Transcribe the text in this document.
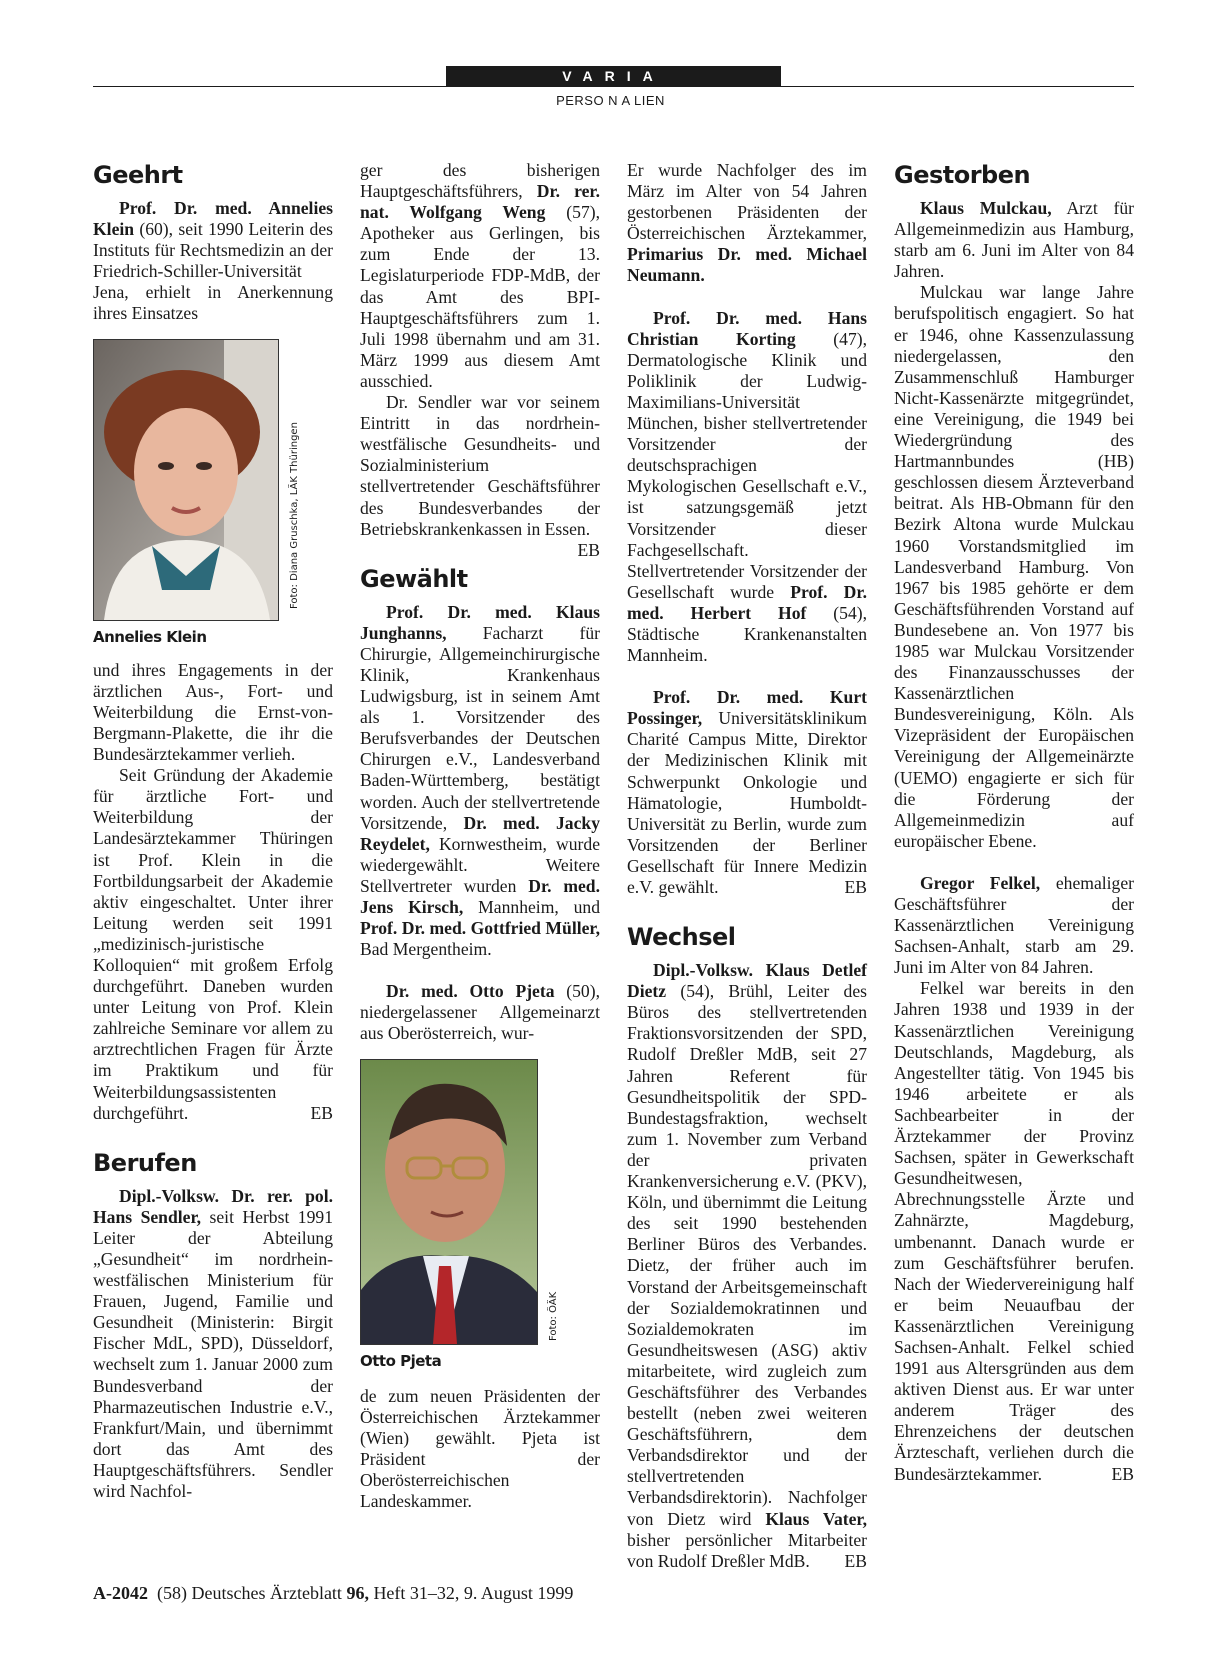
VARIA
PERSO N A LIEN
Geehrt

Prof. Dr. med. Annelies Klein (60), seit 1990 Leiterin des Instituts für Rechtsmedizin an der Friedrich-Schiller-Universität Jena, erhielt in Anerkennung ihres Einsatzes

Foto: Diana Gruschka, LÄK Thüringen
Annelies Klein

und ihres Engagements in der ärztlichen Aus-, Fort- und Weiterbildung die Ernst-von-Bergmann-Plakette, die ihr die Bundesärztekammer verlieh.

Seit Gründung der Akademie für ärztliche Fort- und Weiterbildung der Landesärztekammer Thüringen ist Prof. Klein in die Fortbildungsarbeit der Akademie aktiv eingeschaltet. Unter ihrer Leitung werden seit 1991 „medizinisch-juristische Kolloquien“ mit großem Erfolg durchgeführt. Daneben wurden unter Leitung von Prof. Klein zahlreiche Seminare vor allem zu arztrechtlichen Fragen für Ärzte im Praktikum und für Weiterbildungsassistenten durchgeführt.	EB

Berufen

Dipl.-Volksw. Dr. rer. pol. Hans Sendler, seit Herbst 1991 Leiter der Abteilung „Gesundheit“ im nordrhein-westfälischen Ministerium für Frauen, Jugend, Familie und Gesundheit (Ministerin: Birgit Fischer MdL, SPD), Düsseldorf, wechselt zum 1. Januar 2000 zum Bundesverband der Pharmazeutischen Industrie e.V., Frankfurt/Main, und übernimmt dort das Amt des Hauptgeschäftsführers. Sendler wird Nachfol-

ger des bisherigen Hauptgeschäftsführers, Dr. rer. nat. Wolfgang Weng (57), Apotheker aus Gerlingen, bis zum Ende der 13. Legislaturperiode FDP-MdB, der das Amt des BPI-Hauptgeschäftsführers zum 1. Juli 1998 übernahm und am 31. März 1999 aus diesem Amt ausschied.

Dr. Sendler war vor seinem Eintritt in das nordrhein-westfälische Gesundheits- und Sozialministerium stellvertretender Geschäftsführer des Bundesverbandes der Betriebskrankenkassen in Essen.
EB

Gewählt

Prof. Dr. med. Klaus Junghanns, Facharzt für Chirurgie, Allgemeinchirurgische Klinik, Krankenhaus Ludwigsburg, ist in seinem Amt als 1. Vorsitzender des Berufsverbandes der Deutschen Chirurgen e.V., Landesverband Baden-Württemberg, bestätigt worden. Auch der stellvertretende Vorsitzende, Dr. med. Jacky Reydelet, Kornwestheim, wurde wiedergewählt. Weitere Stellvertreter wurden Dr. med. Jens Kirsch, Mannheim, und Prof. Dr. med. Gottfried Müller, Bad Mergentheim.

Dr. med. Otto Pjeta (50), niedergelassener Allgemeinarzt aus Oberösterreich, wur-

Foto: ÖÄK
Otto Pjeta

de zum neuen Präsidenten der Österreichischen Ärztekammer (Wien) gewählt. Pjeta ist Präsident der Oberösterreichischen Landeskammer.

Er wurde Nachfolger des im März im Alter von 54 Jahren gestorbenen Präsidenten der Österreichischen Ärztekammer, Primarius Dr. med. Michael Neumann.

Prof. Dr. med. Hans Christian Korting (47), Dermatologische Klinik und Poliklinik der Ludwig-Maximilians-Universität München, bisher stellvertretender Vorsitzender der deutschsprachigen Mykologischen Gesellschaft e.V., ist satzungsgemäß jetzt Vorsitzender dieser Fachgesellschaft. Stellvertretender Vorsitzender der Gesellschaft wurde Prof. Dr. med. Herbert Hof (54), Städtische Krankenanstalten Mannheim.

Prof. Dr. med. Kurt Possinger, Universitätsklinikum Charité Campus Mitte, Direktor der Medizinischen Klinik mit Schwerpunkt Onkologie und Hämatologie, Humboldt-Universität zu Berlin, wurde zum Vorsitzenden der Berliner Gesellschaft für Innere Medizin e.V. gewählt.	EB

Wechsel

Dipl.-Volksw. Klaus Detlef Dietz (54), Brühl, Leiter des Büros des stellvertretenden Fraktionsvorsitzenden der SPD, Rudolf Dreßler MdB, seit 27 Jahren Referent für Gesundheitspolitik der SPD-Bundestagsfraktion, wechselt zum 1. November zum Verband der privaten Krankenversicherung e.V. (PKV), Köln, und übernimmt die Leitung des seit 1990 bestehenden Berliner Büros des Verbandes. Dietz, der früher auch im Vorstand der Arbeitsgemeinschaft der Sozialdemokratinnen und Sozialdemokraten im Gesundheitswesen (ASG) aktiv mitarbeitete, wird zugleich zum Geschäftsführer des Verbandes bestellt (neben zwei weiteren Geschäftsführern, dem Verbandsdirektor und der stellvertretenden Verbandsdirektorin). Nachfolger von Dietz wird Klaus Vater, bisher persönlicher Mitarbeiter von Rudolf Dreßler MdB. EB

Gestorben

Klaus Mulckau, Arzt für Allgemeinmedizin aus Hamburg, starb am 6. Juni im Alter von 84 Jahren.

Mulckau war lange Jahre berufspolitisch engagiert. So hat er 1946, ohne Kassenzulassung niedergelassen, den Zusammenschluß Hamburger Nicht-Kassenärzte mitgegründet, eine Vereinigung, die 1949 bei Wiedergründung des Hartmannbundes (HB) geschlossen diesem Ärzteverband beitrat. Als HB-Obmann für den Bezirk Altona wurde Mulckau 1960 Vorstandsmitglied im Landesverband Hamburg. Von 1967 bis 1985 gehörte er dem Geschäftsführenden Vorstand auf Bundesebene an. Von 1977 bis 1985 war Mulckau Vorsitzender des Finanzausschusses der Kassenärztlichen Bundesvereinigung, Köln. Als Vizepräsident der Europäischen Vereinigung der Allgemeinärzte (UEMO) engagierte er sich für die Förderung der Allgemeinmedizin auf europäischer Ebene.

Gregor Felkel, ehemaliger Geschäftsführer der Kassenärztlichen Vereinigung Sachsen-Anhalt, starb am 29. Juni im Alter von 84 Jahren.

Felkel war bereits in den Jahren 1938 und 1939 in der Kassenärztlichen Vereinigung Deutschlands, Magdeburg, als Angestellter tätig. Von 1945 bis 1946 arbeitete er als Sachbearbeiter in der Ärztekammer der Provinz Sachsen, später in Gewerkschaft Gesundheitwesen, Abrechnungsstelle Ärzte und Zahnärzte, Magdeburg, umbenannt. Danach wurde er zum Geschäftsführer berufen. Nach der Wiedervereinigung half er beim Neuaufbau der Kassenärztlichen Vereinigung Sachsen-Anhalt. Felkel schied 1991 aus Altersgründen aus dem aktiven Dienst aus. Er war unter anderem Träger des Ehrenzeichens der deutschen Ärzteschaft, verliehen durch die Bundesärztekammer.	EB

A-2042  (58) Deutsches Ärzteblatt 96, Heft 31–32, 9. August 1999
